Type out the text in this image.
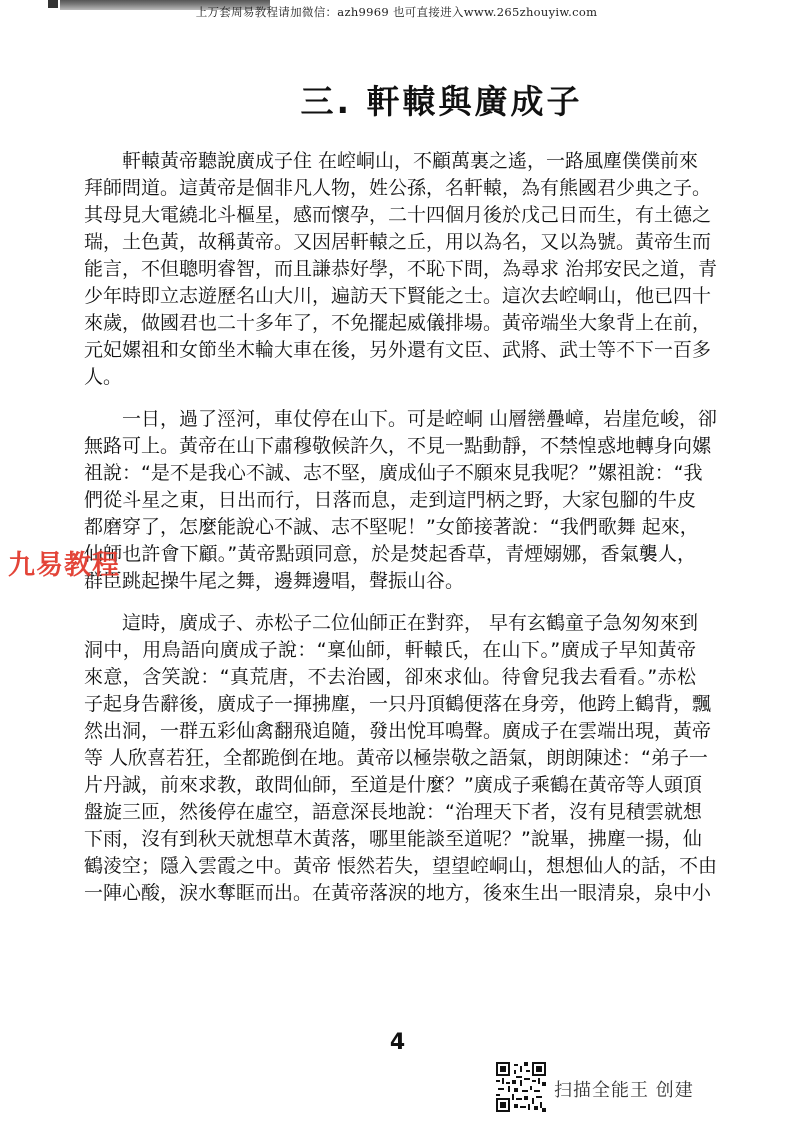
上万套周易教程请加微信：azh9969 也可直接进入www.265zhouyiw.com
三. 軒轅與廣成子
軒轅黃帝聽說廣成子住 在崆峒山，不顧萬裏之遙，一路風塵僕僕前來
拜師問道。這黃帝是個非凡人物，姓公孫，名軒轅，為有熊國君少典之子。
其母見大電繞北斗樞星，感而懷孕，二十四個月後於戊己日而生，有土德之
瑞，土色黃，故稱黃帝。又因居軒轅之丘，用以為名，又以為號。黃帝生而
能言，不但聰明睿智，而且謙恭好學，不恥下問，為尋求 治邦安民之道，青
少年時即立志遊歷名山大川，遍訪天下賢能之士。這次去崆峒山，他已四十
來歲，做國君也二十多年了，不免擺起威儀排場。黃帝端坐大象背上在前，
元妃嫘祖和女節坐木輪大車在後，另外還有文臣、武將、武士等不下一百多
人。
一日，過了涇河，車仗停在山下。可是崆峒 山層巒疊嶂，岩崖危峻，卻
無路可上。黃帝在山下肅穆敬候許久，不見一點動靜，不禁惶惑地轉身向嫘
祖說：“是不是我心不誠、志不堅，廣成仙子不願來見我呢？”嫘祖說：“我
們從斗星之東，日出而行，日落而息，走到這門柄之野，大家包腳的牛皮
都磨穿了，怎麼能說心不誠、志不堅呢！”女節接著說：“我們歌舞 起來，
仙師也許會下顧。”黃帝點頭同意，於是焚起香草，青煙嫋娜，香氣襲人，
群臣跳起操牛尾之舞，邊舞邊唱，聲振山谷。
這時，廣成子、赤松子二位仙師正在對弈， 早有玄鶴童子急匆匆來到
洞中，用鳥語向廣成子說：“稟仙師，軒轅氏，在山下。”廣成子早知黃帝
來意，含笑說：“真荒唐，不去治國，卻來求仙。待會兒我去看看。”赤松
子起身告辭後，廣成子一揮拂塵，一只丹頂鶴便落在身旁，他跨上鶴背，飄
然出洞，一群五彩仙禽翻飛追隨，發出悅耳鳴聲。廣成子在雲端出現，黃帝
等 人欣喜若狂，全都跪倒在地。黃帝以極崇敬之語氣，朗朗陳述：“弟子一
片丹誠，前來求教，敢問仙師，至道是什麼？”廣成子乘鶴在黃帝等人頭頂
盤旋三匝，然後停在虛空，語意深長地說：“治理天下者，沒有見積雲就想
下雨，沒有到秋天就想草木黃落，哪里能談至道呢？”說畢，拂塵一揚，仙
鶴淩空；隱入雲霞之中。黃帝 悵然若失，望望崆峒山，想想仙人的話，不由
一陣心酸，淚水奪眶而出。在黃帝落淚的地方，後來生出一眼清泉，泉中小
九易教程
4
扫描全能王 创建
